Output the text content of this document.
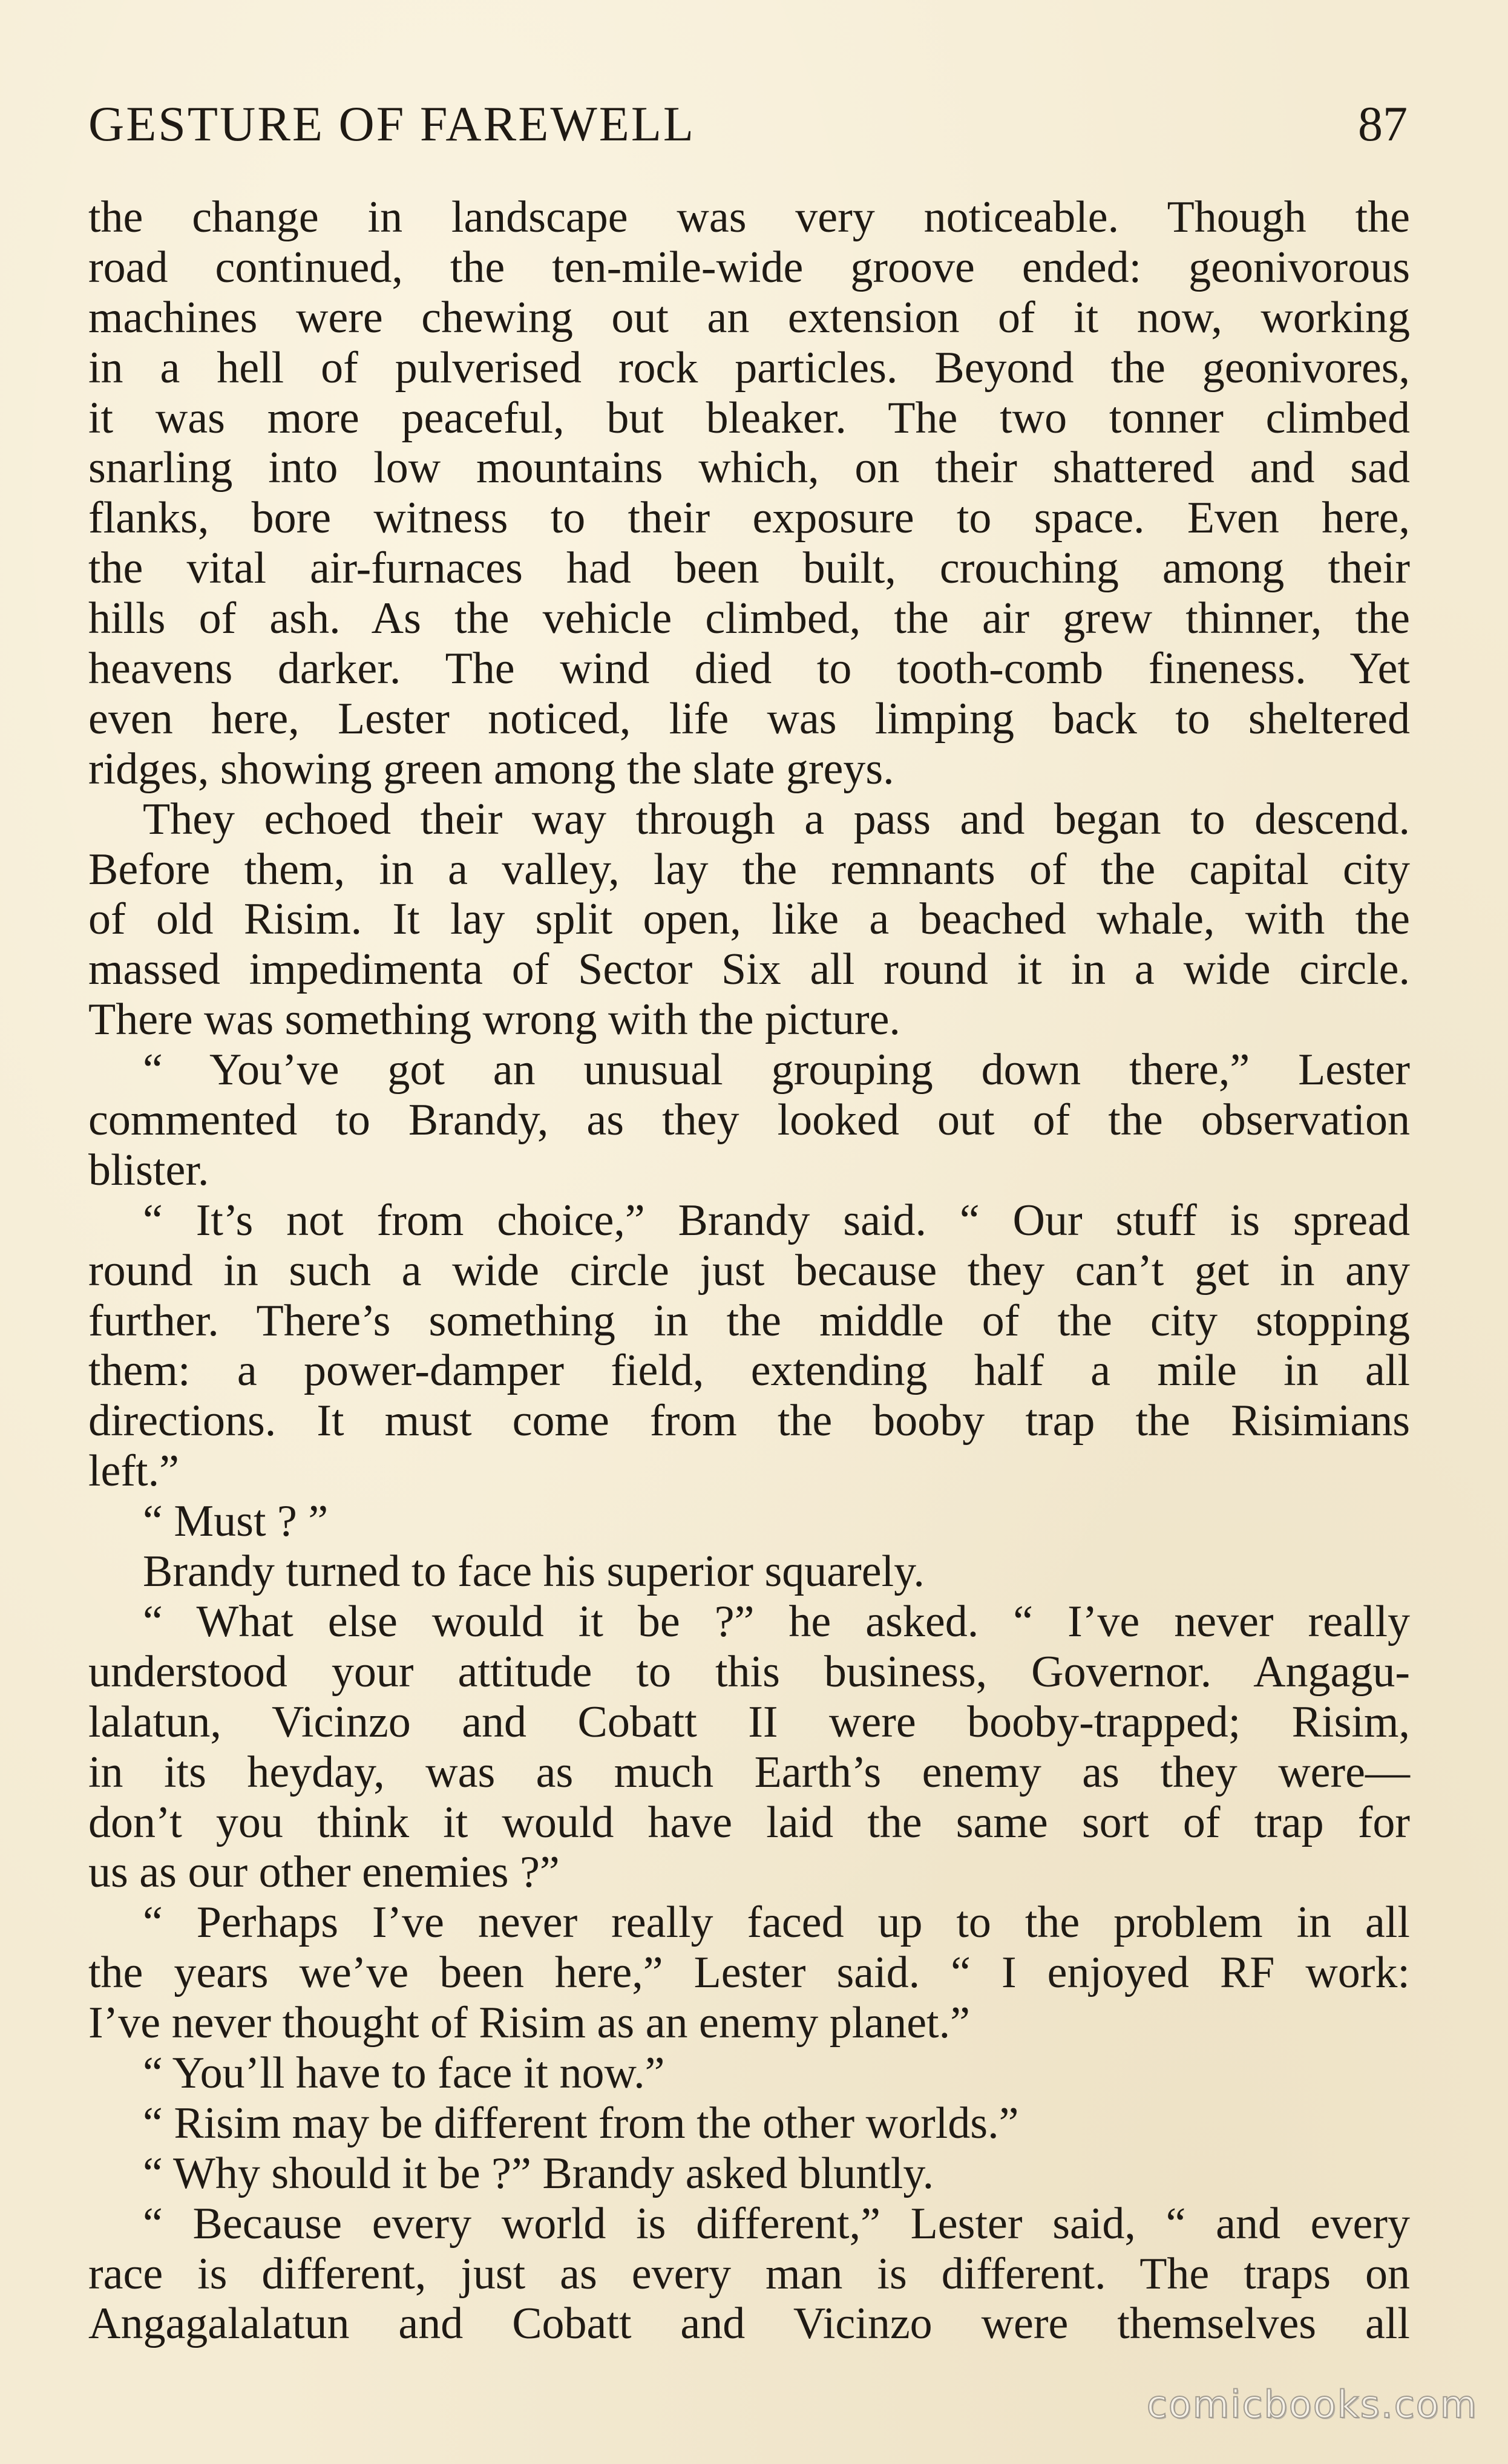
GESTURE OF FAREWELL	87
the change in landscape was very noticeable. Though the
road continued, the ten-mile-wide groove ended: geonivorous
machines were chewing out an extension of it now, working
in a hell of pulverised rock particles. Beyond the geonivores,
it was more peaceful, but bleaker. The two tonner climbed
snarling into low mountains which, on their shattered and sad
flanks, bore witness to their exposure to space. Even here,
the vital air-furnaces had been built, crouching among their
hills of ash. As the vehicle climbed, the air grew thinner, the
heavens darker. The wind died to tooth-comb fineness. Yet
even here, Lester noticed, life was limping back to sheltered
ridges, showing green among the slate greys.
They echoed their way through a pass and began to descend.
Before them, in a valley, lay the remnants of the capital city
of old Risim. It lay split open, like a beached whale, with the
massed impedimenta of Sector Six all round it in a wide circle.
There was something wrong with the picture.
“ You’ve got an unusual grouping down there,” Lester
commented to Brandy, as they looked out of the observation
blister.
“ It’s not from choice,” Brandy said. “ Our stuff is spread
round in such a wide circle just because they can’t get in any
further. There’s something in the middle of the city stopping
them: a power-damper field, extending half a mile in all
directions. It must come from the booby trap the Risimians
left.”
“ Must ? ”
Brandy turned to face his superior squarely.
“ What else would it be ?” he asked. “ I’ve never really
understood your attitude to this business, Governor. Angagu-
lalatun, Vicinzo and Cobatt II were booby-trapped; Risim,
in its heyday, was as much Earth’s enemy as they were—
don’t you think it would have laid the same sort of trap for
us as our other enemies ?”
“ Perhaps I’ve never really faced up to the problem in all
the years we’ve been here,” Lester said. “ I enjoyed RF work:
I’ve never thought of Risim as an enemy planet.”
“ You’ll have to face it now.”
“ Risim may be different from the other worlds.”
“ Why should it be ?” Brandy asked bluntly.
“ Because every world is different,” Lester said, “ and every
race is different, just as every man is different. The traps on
Angagalalatun and Cobatt and Vicinzo were themselves all
comicbooks.com
